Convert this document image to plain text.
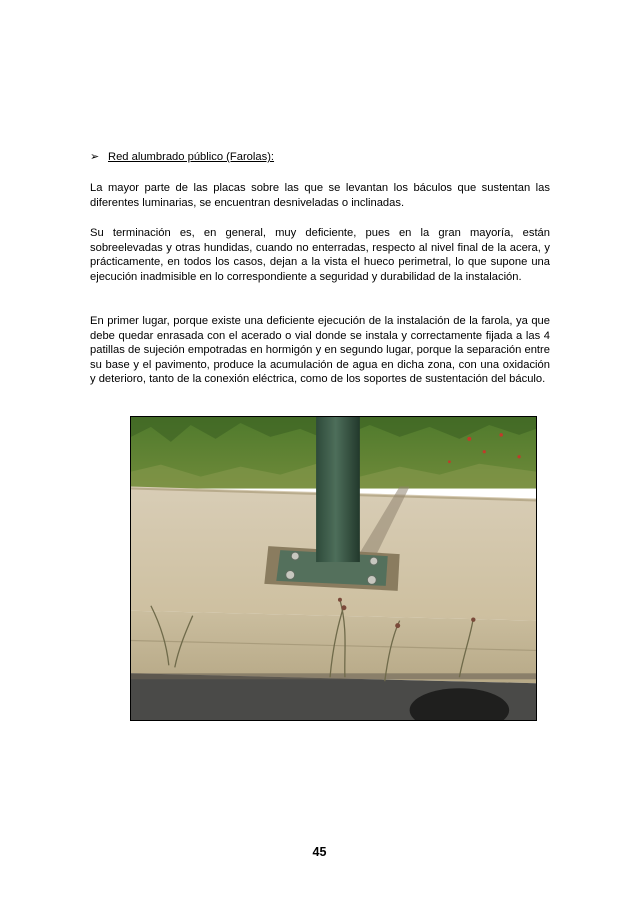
➢ Red alumbrado público (Farolas):

La mayor parte de las placas sobre las que se levantan los báculos que sustentan las diferentes luminarias, se encuentran desniveladas o inclinadas.

Su terminación es, en general, muy deficiente, pues en la gran mayoría, están sobreelevadas y otras hundidas, cuando no enterradas, respecto al nivel final de la acera, y prácticamente, en todos los casos, dejan a la vista el hueco perimetral, lo que supone una ejecución inadmisible en lo correspondiente a seguridad y durabilidad de la instalación.

En primer lugar, porque existe una deficiente ejecución de la instalación de la farola, ya que debe quedar enrasada con el acerado o vial donde se instala y correctamente fijada a las 4 patillas de sujeción empotradas en hormigón y en segundo lugar, porque la separación entre su base y el pavimento, produce la acumulación de agua en dicha zona, con una oxidación y deterioro, tanto de la conexión eléctrica, como de los soportes de sustentación del báculo.

45
